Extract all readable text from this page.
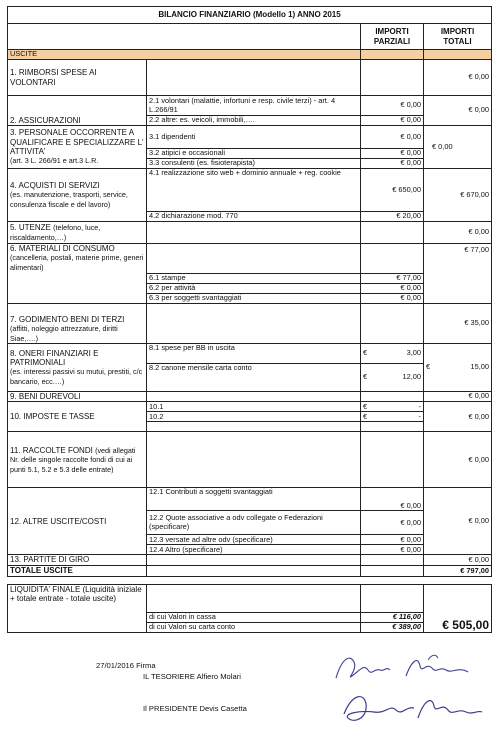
BILANCIO FINANZIARIO (Modello 1) ANNO 2015			
		IMPORTI PARZIALI	IMPORTI TOTALI
USCITE			
1. RIMBORSI SPESE AI VOLONTARI			€ 0,00
2. ASSICURAZIONI	2.1 volontari (malattie, infortuni e resp. civile terzi) - art. 4 L.266/91	€ 0,00	€ 0,00
	2.2 altre: es. veicoli, immobili,….	€ 0,00	
3. PERSONALE OCCORRENTE A QUALIFICARE E SPECIALIZZARE L' ATTIVITA'
(art. 3 L. 266/91 e art.3 L.R.	3.1 dipendenti	€ 0,00	€ 0,00
	3.2 atipici e occasionali	€ 0,00	
	3.3 consulenti (es. fisioterapista)	€ 0,00	
4. ACQUISTI DI SERVIZI
(es. manutenzione, trasporti, service, consulenza fiscale e del lavoro)	4.1 realizzazione sito web + dominio annuale + reg. cookie	€ 650,00	€ 670,00
	4.2 dichiarazione mod. 770	€ 20,00	
5. UTENZE (telefono, luce, riscaldamento,…)			€ 0,00
6. MATERIALI DI CONSUMO
(cancelleria, postali, materie prime, generi alimentari)			€ 77,00
	6.1 stampe	€ 77,00	
	6.2 per attività	€ 0,00	
	6.3 per soggetti svantaggiati	€ 0,00	
7. GODIMENTO BENI DI TERZI
(affitti, noleggio attrezzature, diritti Siae,….)			€ 35,00
8. ONERI FINANZIARI E PATRIMONIALI
(es. interessi passivi su mutui, prestiti, c/c bancario, ecc.…)	8.1 spese per BB in uscita	€ 3,00	€ 15,00

	8.2 canone mensile carta conto	€ 12,00	

9. BENI DUREVOLI			€ 0,00
10. IMPOSTE E TASSE	10.1	€ -	€ 0,00
	10.2	€ -	

11. RACCOLTE FONDI (vedi allegati Nr. delle singole raccolte fondi di cui ai punti 5.1, 5.2 e 5.3 delle entrate)			€ 0,00
12. ALTRE USCITE/COSTI	12.1 Contributi a soggetti svantaggiati	€ 0,00	€ 0,00
	12.2 Quote associative a odv collegate o Federazioni (specificare)	€ 0,00	
	12.3 versate ad altre odv (specificare)	€ 0,00	
	12.4 Altro (specificare)	€ 0,00	
13. PARTITE DI GIRO			€ 0,00
TOTALE USCITE			€ 797,00

LIQUIDITA' FINALE (Liquidità iniziale + totale entrate - totale uscite)			€ 505,00
	di cui Valori in cassa	€ 116,00	
	di cui Valori su carta conto	€ 389,00	
27/01/2016 Firma
IL TESORIERE Alfiero Molari
Il PRESIDENTE Devis Casetta
